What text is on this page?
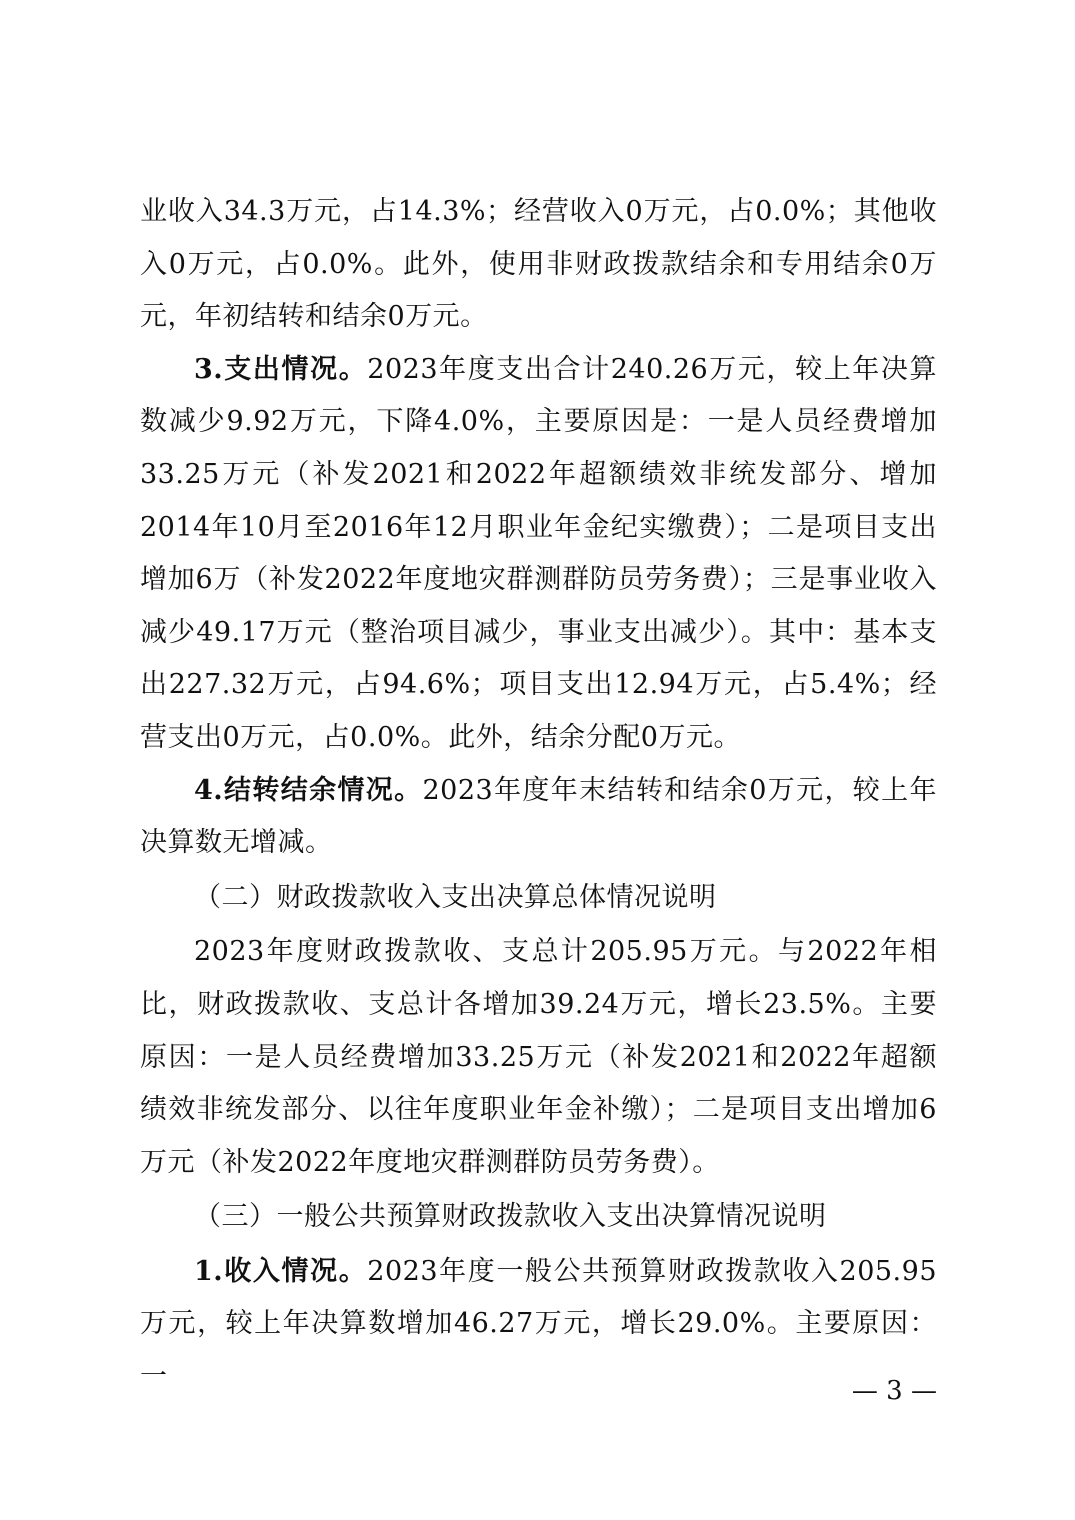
业收入34.3万元，占14.3%；经营收入0万元，占0.0%；其他收入0万元，占0.0%。此外，使用非财政拨款结余和专用结余0万元，年初结转和结余0万元。

3.支出情况。2023年度支出合计240.26万元，较上年决算数减少9.92万元，下降4.0%，主要原因是：一是人员经费增加33.25万元（补发2021和2022年超额绩效非统发部分、增加2014年10月至2016年12月职业年金纪实缴费）；二是项目支出增加6万（补发2022年度地灾群测群防员劳务费）；三是事业收入减少49.17万元（整治项目减少，事业支出减少）。其中：基本支出227.32万元，占94.6%；项目支出12.94万元，占5.4%；经营支出0万元，占0.0%。此外，结余分配0万元。

4.结转结余情况。2023年度年末结转和结余0万元，较上年决算数无增减。

（二）财政拨款收入支出决算总体情况说明

2023年度财政拨款收、支总计205.95万元。与2022年相比，财政拨款收、支总计各增加39.24万元，增长23.5%。主要原因：一是人员经费增加33.25万元（补发2021和2022年超额绩效非统发部分、以往年度职业年金补缴）；二是项目支出增加6万元（补发2022年度地灾群测群防员劳务费）。

（三）一般公共预算财政拨款收入支出决算情况说明

1.收入情况。2023年度一般公共预算财政拨款收入205.95万元，较上年决算数增加46.27万元，增长29.0%。主要原因：一	— 3 —
